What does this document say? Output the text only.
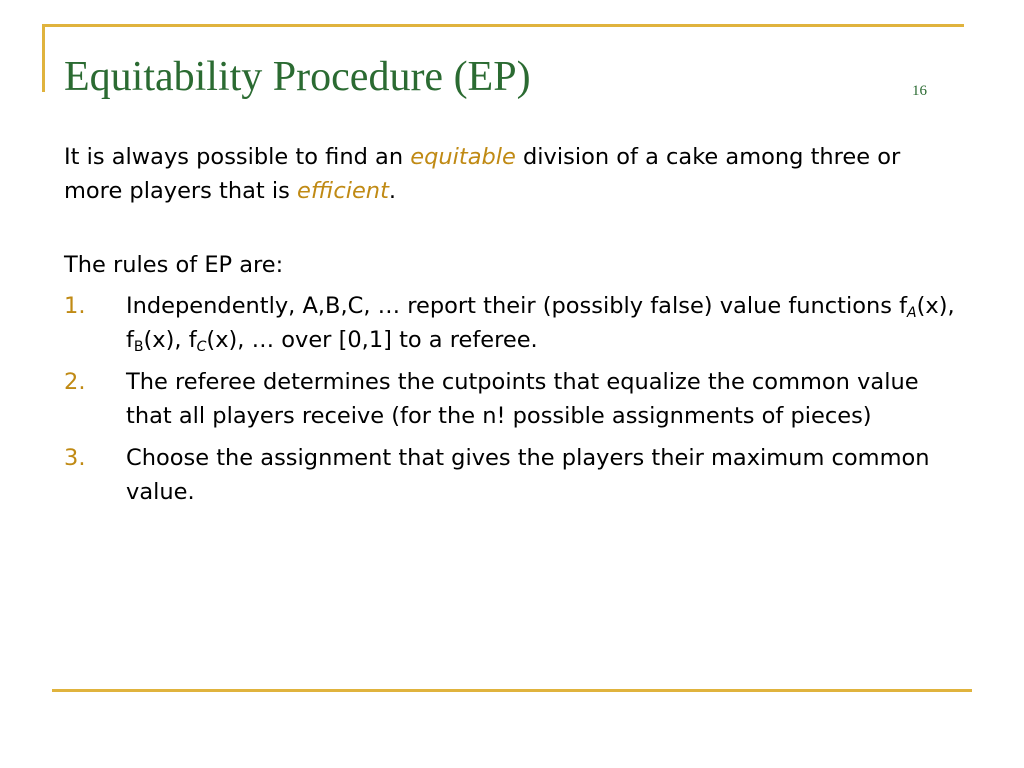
Equitability Procedure (EP)	16

It is always possible to find an equitable division of a cake among three or more players that is efficient.

The rules of EP are:

1. Independently, A,B,C, … report their (possibly false) value functions $f_A(x)$, $f_B(x)$, $f_C(x)$, … over [0,1] to a referee.
2. The referee determines the cutpoints that equalize the common value that all players receive (for the n! possible assignments of pieces)
3. Choose the assignment that gives the players their maximum common value.
